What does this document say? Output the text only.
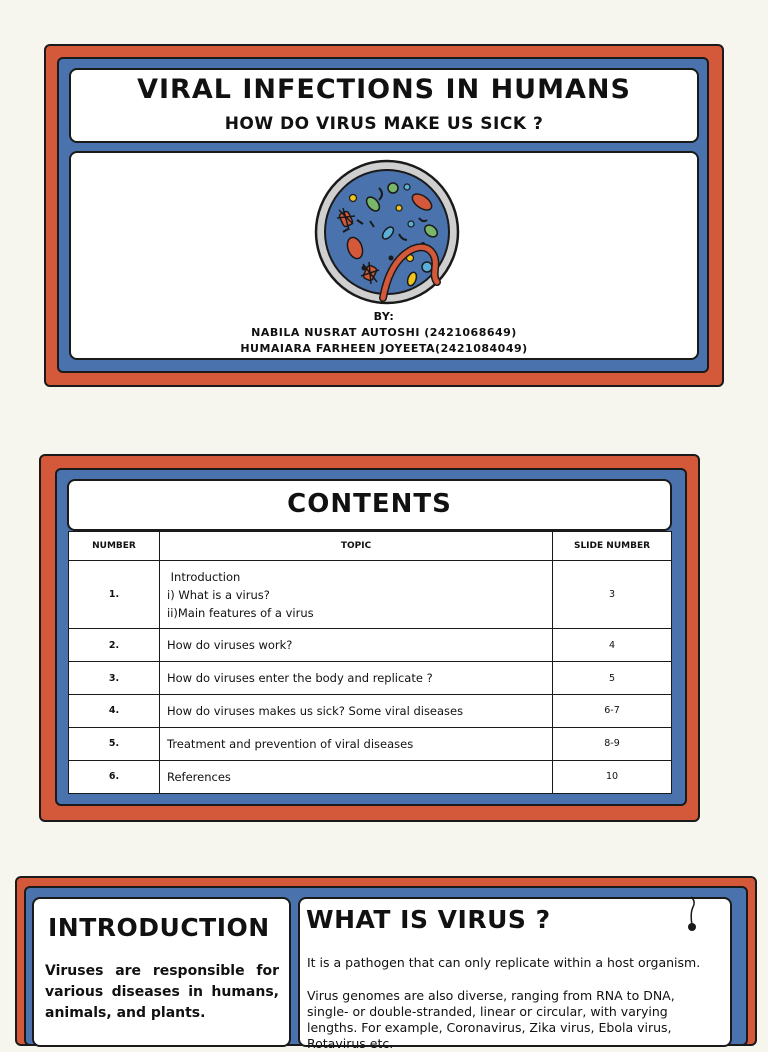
VIRAL INFECTIONS IN HUMANS
HOW DO VIRUS MAKE US SICK ?
BY:
NABILA NUSRAT AUTOSHI (2421068649)
HUMAIARA FARHEEN JOYEETA(2421084049)
CONTENTS
NUMBER	TOPIC	SLIDE NUMBER
1.	Introduction
i) What is a virus?
ii)Main features of a virus	3
2.	How do viruses work?	4
3.	How do viruses enter the body and replicate ?	5
4.	How do viruses makes us sick? Some viral diseases	6-7
5.	Treatment and prevention of viral diseases	8-9
6.	References	10
INTRODUCTION
Viruses are responsible for various diseases in humans, animals, and plants.
WHAT IS VIRUS ?
It is a pathogen that can only replicate within a host organism.
Virus genomes are also diverse, ranging from RNA to DNA, single- or double-stranded, linear or circular, with varying lengths. For example, Coronavirus, Zika virus, Ebola virus, Rotavirus etc.
